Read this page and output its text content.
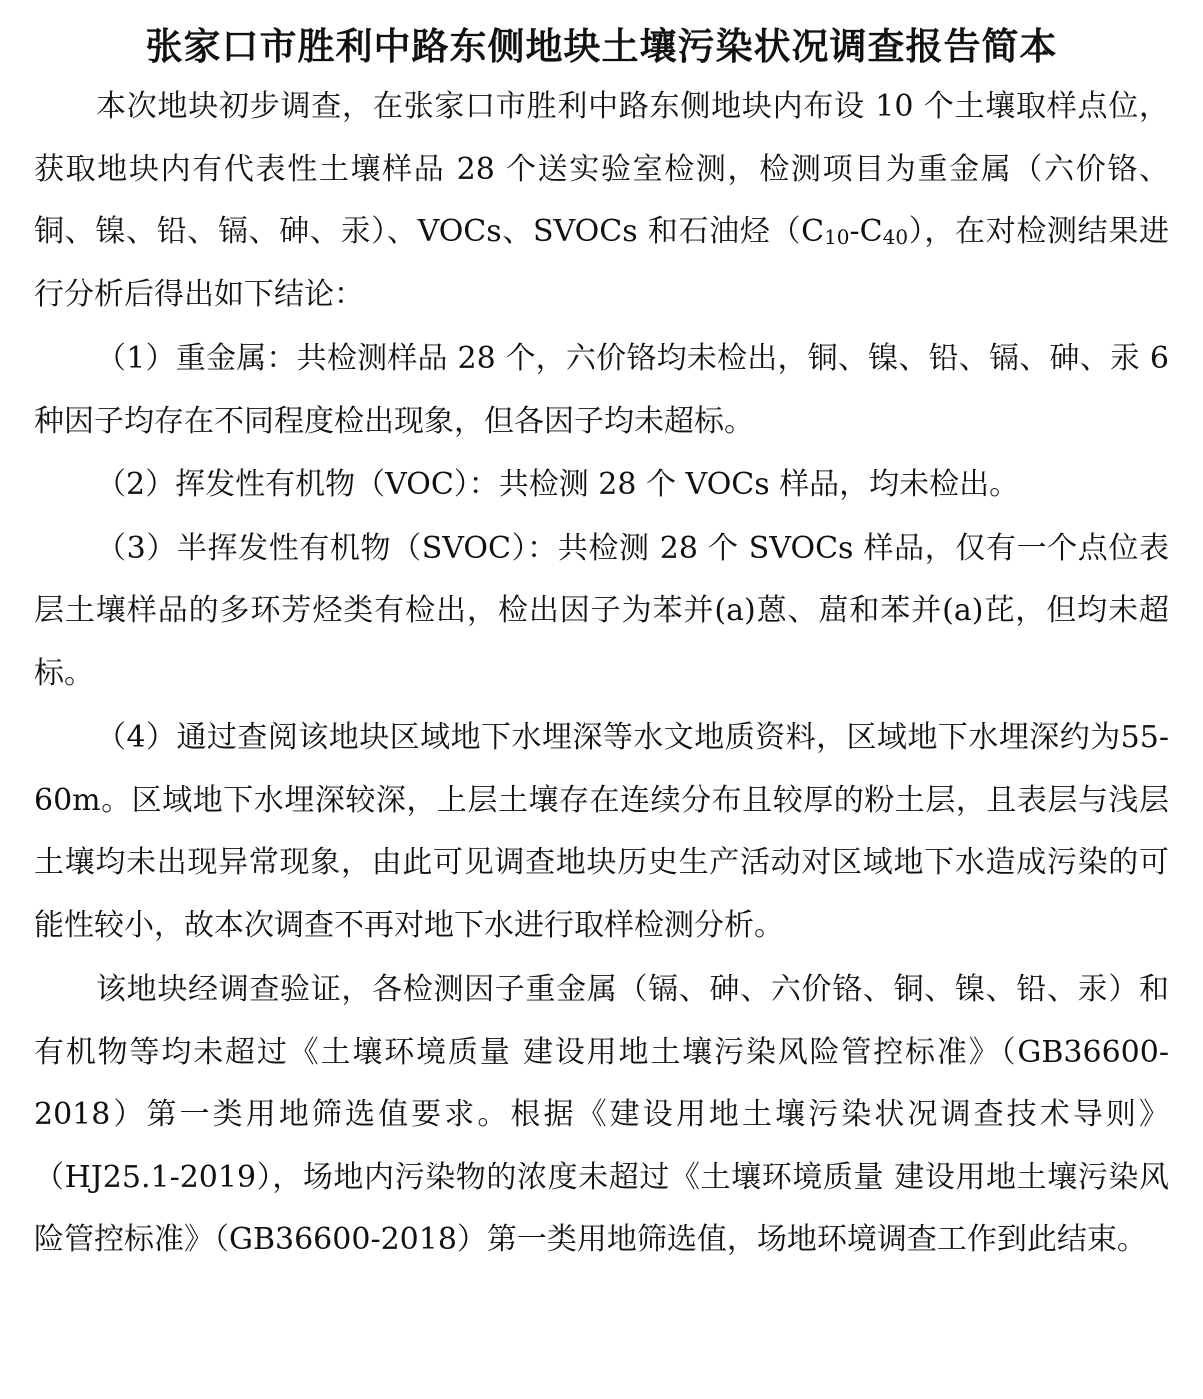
张家口市胜利中路东侧地块土壤污染状况调查报告简本

本次地块初步调查，在张家口市胜利中路东侧地块内布设 10 个土壤取样点位，获取地块内有代表性土壤样品 28 个送实验室检测，检测项目为重金属（六价铬、铜、镍、铅、镉、砷、汞）、VOCs、SVOCs 和石油烃$(C_{10}-C_{40})$，在对检测结果进行分析后得出如下结论：

（1）重金属：共检测样品 28 个，六价铬均未检出，铜、镍、铅、镉、砷、汞 6 种因子均存在不同程度检出现象，但各因子均未超标。

（2）挥发性有机物（VOC）：共检测 28 个 VOCs 样品，均未检出。

（3）半挥发性有机物（SVOC）：共检测 28 个 SVOCs 样品，仅有一个点位表层土壤样品的多环芳烃类有检出，检出因子为苯并(a)蒽、䓛和苯并(a)芘，但均未超标。

（4）通过查阅该地块区域地下水埋深等水文地质资料，区域地下水埋深约为55-60m。区域地下水埋深较深，上层土壤存在连续分布且较厚的粉土层，且表层与浅层土壤均未出现异常现象，由此可见调查地块历史生产活动对区域地下水造成污染的可能性较小，故本次调查不再对地下水进行取样检测分析。

该地块经调查验证，各检测因子重金属（镉、砷、六价铬、铜、镍、铅、汞）和有机物等均未超过《土壤环境质量 建设用地土壤污染风险管控标准》（GB36600-2018）第一类用地筛选值要求。根据《建设用地土壤污染状况调查技术导则》（HJ25.1-2019），场地内污染物的浓度未超过《土壤环境质量 建设用地土壤污染风险管控标准》（GB36600-2018）第一类用地筛选值，场地环境调查工作到此结束。
